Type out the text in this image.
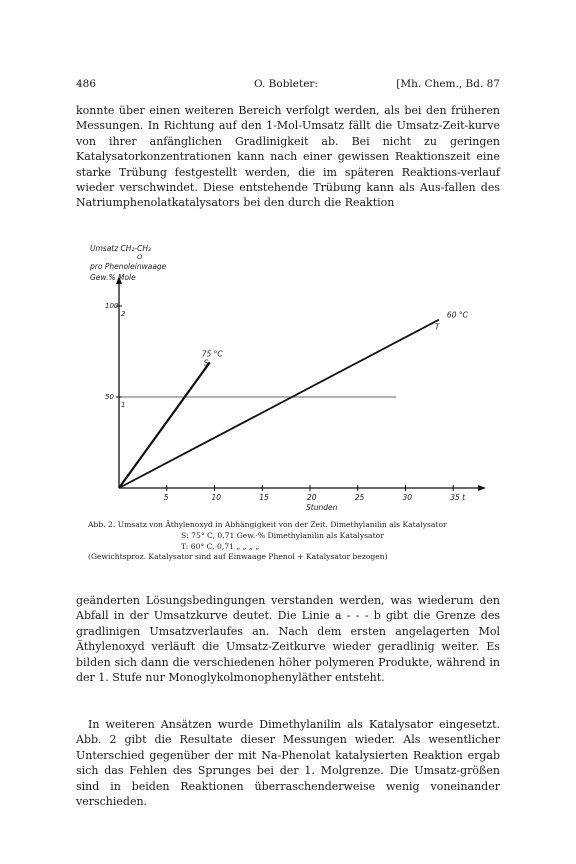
486	O. Bobleter:	[Mh. Chem., Bd. 87

konnte über einen weiteren Bereich verfolgt werden, als bei den früheren Messungen. In Richtung auf den 1-Mol-Umsatz fällt die Umsatz-Zeit-kurve von ihrer anfänglichen Gradlinigkeit ab. Bei nicht zu geringen Katalysatorkonzentrationen kann nach einer gewissen Reaktionszeit eine starke Trübung festgestellt werden, die im späteren Reaktions-verlauf wieder verschwindet. Diese entstehende Trübung kann als Aus-fallen des Natriumphenolatkatalysators bei den durch die Reaktion

5	10	15	20	25	30	35 t
50
100
1
2
75 °C
S
60 °C
T
Umsatz CH₂-CH₂
O
pro Phenoleinwaage
Gew.% Mole
Stunden
Abb. 2. Umsatz von Äthylenoxyd in Abhängigkeit von der Zeit. Dimethylanilin als Katalysator
S: 75° C, 0,71 Gew.-% Dimethylanilin als Katalysator
T: 60° C, 0,71 „ „ „ „
(Gewichtsproz. Katalysator sind auf Einwaage Phenol + Katalysator bezogen)

geänderten Lösungsbedingungen verstanden werden, was wiederum den Abfall in der Umsatzkurve deutet. Die Linie a - - - b gibt die Grenze des gradlinigen Umsatzverlaufes an. Nach dem ersten angelagerten Mol Äthylenoxyd verläuft die Umsatz-Zeitkurve wieder geradlinig weiter. Es bilden sich dann die verschiedenen höher polymeren Produkte, während in der 1. Stufe nur Monoglykolmonophenyläther entsteht.

In weiteren Ansätzen wurde Dimethylanilin als Katalysator eingesetzt. Abb. 2 gibt die Resultate dieser Messungen wieder. Als wesentlicher Unterschied gegenüber der mit Na-Phenolat katalysierten Reaktion ergab sich das Fehlen des Sprunges bei der 1. Molgrenze. Die Umsatz-größen sind in beiden Reaktionen überraschenderweise wenig voneinander verschieden.
